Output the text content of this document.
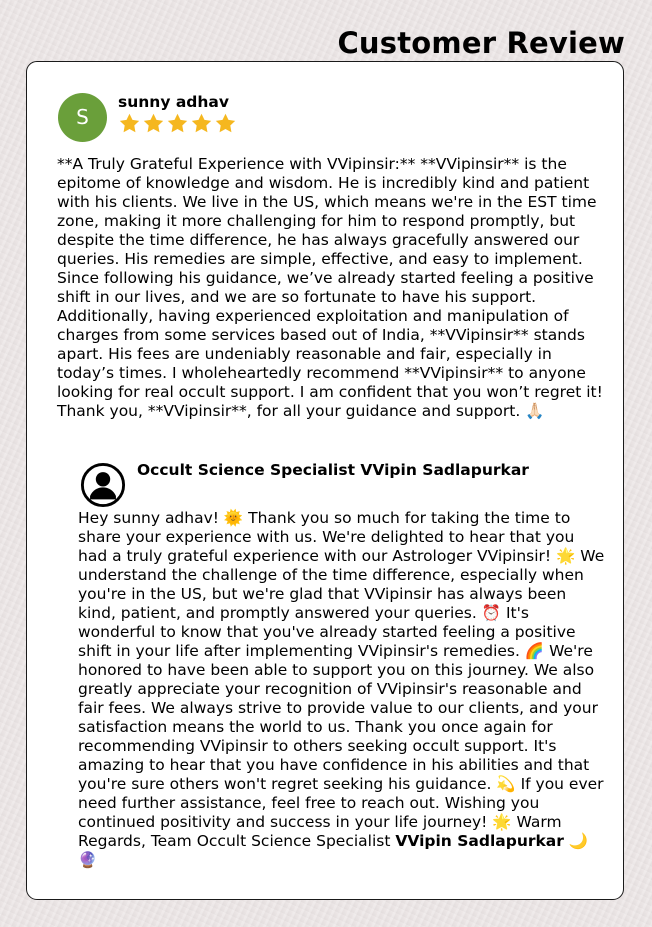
Customer Review
S
sunny adhav

**A Truly Grateful Experience with VVipinsir:** **VVipinsir** is the epitome of knowledge and wisdom. He is incredibly kind and patient with his clients. We live in the US, which means we're in the EST time zone, making it more challenging for him to respond promptly, but despite the time difference, he has always gracefully answered our queries. His remedies are simple, effective, and easy to implement. Since following his guidance, we’ve already started feeling a positive shift in our lives, and we are so fortunate to have his support. Additionally, having experienced exploitation and manipulation of charges from some services based out of India, **VVipinsir** stands apart. His fees are undeniably reasonable and fair, especially in today’s times. I wholeheartedly recommend **VVipinsir** to anyone looking for real occult support. I am confident that you won’t regret it! Thank you, **VVipinsir**, for all your guidance and support. 🙏🏻

Occult Science Specialist VVipin Sadlapurkar

Hey sunny adhav! 🌞 Thank you so much for taking the time to share your experience with us. We're delighted to hear that you had a truly grateful experience with our Astrologer VVipinsir! 🌟 We understand the challenge of the time difference, especially when you're in the US, but we're glad that VVipinsir has always been kind, patient, and promptly answered your queries. ⏰ It's wonderful to know that you've already started feeling a positive shift in your life after implementing VVipinsir's remedies. 🌈 We're honored to have been able to support you on this journey. We also greatly appreciate your recognition of VVipinsir's reasonable and fair fees. We always strive to provide value to our clients, and your satisfaction means the world to us. Thank you once again for recommending VVipinsir to others seeking occult support. It's amazing to hear that you have confidence in his abilities and that you're sure others won't regret seeking his guidance. 💫 If you ever need further assistance, feel free to reach out. Wishing you continued positivity and success in your life journey! 🌟 Warm Regards, Team Occult Science Specialist VVipin Sadlapurkar 🌙🔮
